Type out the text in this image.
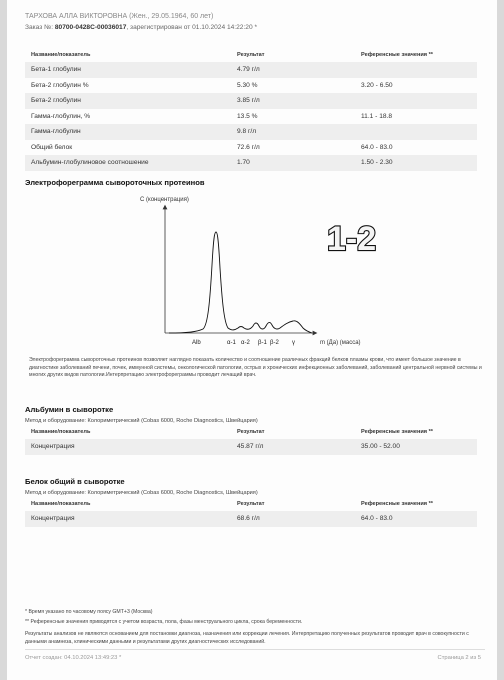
ТАРХОВА АЛЛА ВИКТОРОВНА (Жен., 29.05.1964, 60 лет)
Заказ №: 80700-0428C-00036017, зарегистрирован от 01.10.2024 14:22:20 *
Название/показатель	Результат	Референсные значения **
Бета-1 глобулин	4.79 г/л	
Бета-2 глобулин %	5.30 %	3.20 - 6.50
Бета-2 глобулин	3.85 г/л	
Гамма-глобулин, %	13.5 %	11.1 - 18.8
Гамма-глобулин	9.8 г/л	
Общий белок	72.6 г/л	64.0 - 83.0
Альбумин-глобулиновое соотношение	1.70	1.50 - 2.30
Электрофореграмма сывороточных протеинов
С (концентрация)
m (Да) (масса)
Alb	α-1 α-2 β-1 β-2 γ
1-2
Электрофореграмма сывороточных протеинов позволяет наглядно показать количество и соотношение различных фракций белков плазмы крови, что имеет большое значение в диагностике заболеваний печени, почек, иммунной системы, онкологической патологии, острых и хронических инфекционных заболеваний, заболеваний центральной нервной системы и многих других видов патологии.Интерпретацию электрофореграммы проводит лечащий врач.
Альбумин в сыворотке
Метод и оборудование: Колориметрический (Cobas 6000, Roche Diagnostics, Швейцария)
Название/показатель	Результат	Референсные значения **
Концентрация	45.87 г/л	35.00 - 52.00
Белок общий в сыворотке
Метод и оборудование: Колориметрический (Cobas 6000, Roche Diagnostics, Швейцария)
Название/показатель	Результат	Референсные значения **
Концентрация	68.6 г/л	64.0 - 83.0
* Время указано по часовому поясу GMT+3 (Москва)
** Референсные значения приводятся с учетом возраста, пола, фазы менструального цикла, срока беременности.
Результаты анализов не являются основанием для постановки диагноза, назначения или коррекции лечения. Интерпретацию полученных результатов проводит врач в совокупности с данными анамнеза, клиническими данными и результатами других диагностических исследований.
Отчет создан: 04.10.2024 13:49:23 *	Страница 2 из 5
